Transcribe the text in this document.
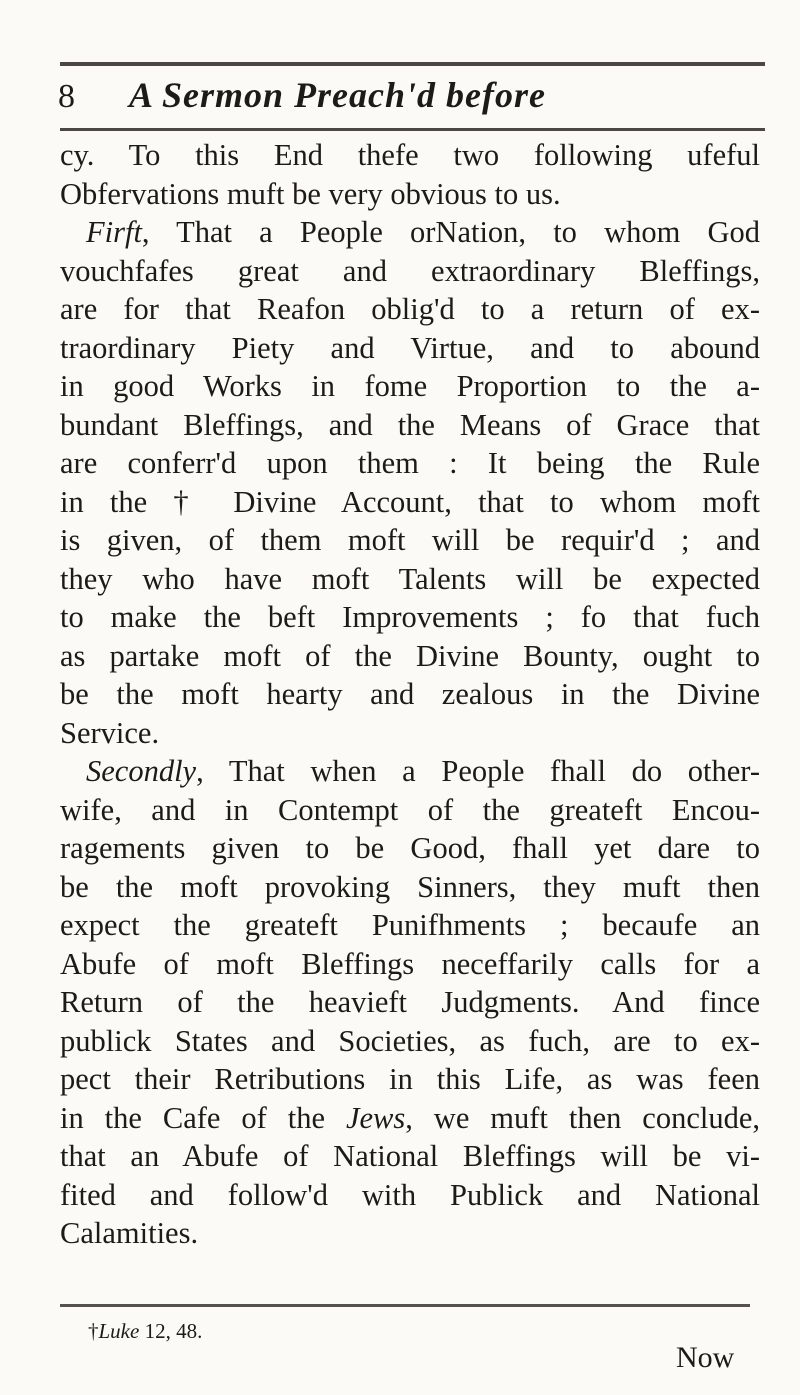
8 A Sermon Preach'd before
cy. To this End thefe two following ufeful
Obfervations muft be very obvious to us.
Firft, That a People orNation, to whom God
vouchfafes great and extraordinary Bleffings,
are for that Reafon oblig'd to a return of ex-
traordinary Piety and Virtue, and to abound
in good Works in fome Proportion to the a-
bundant Bleffings, and the Means of Grace that
are conferr'd upon them : It being the Rule
in the † Divine Account, that to whom moft
is given, of them moft will be requir'd ; and
they who have moft Talents will be expected
to make the beft Improvements ; fo that fuch
as partake moft of the Divine Bounty, ought to
be the moft hearty and zealous in the Divine
Service.
Secondly, That when a People fhall do other-
wife, and in Contempt of the greateft Encou-
ragements given to be Good, fhall yet dare to
be the moft provoking Sinners, they muft then
expect the greateft Punifhments ; becaufe an
Abufe of moft Bleffings neceffarily calls for a
Return of the heavieft Judgments. And fince
publick States and Societies, as fuch, are to ex-
pect their Retributions in this Life, as was feen
in the Cafe of the Jews, we muft then conclude,
that an Abufe of National Bleffings will be vi-
fited and follow'd with Publick and National
Calamities.
†Luke 12, 48.
Now
